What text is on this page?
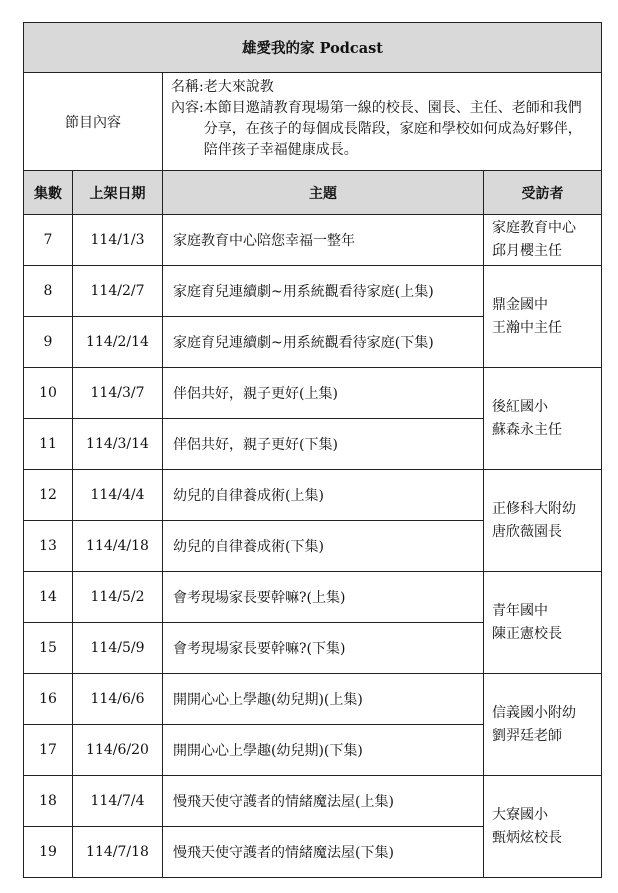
雄愛我的家 Podcast			
節目內容		名稱: 老大來說教
內容: 本節目邀請教育現場第一線的校長、園長、主任、老師和我們分享，在孩子的每個成長階段，家庭和學校如何成為好夥伴，陪伴孩子幸福健康成長。	

集數	上架日期	主題	受訪者
7	114/1/3	家庭教育中心陪您幸福一整年	家庭教育中心
邱月櫻主任

8	114/2/7	家庭育兒連續劇~用系統觀看待家庭(上集)	鼎金國中
王瀚中主任

9	114/2/14	家庭育兒連續劇~用系統觀看待家庭(下集)	
10	114/3/7	伴侶共好，親子更好(上集)	後紅國小
蘇森永主任

11	114/3/14	伴侶共好，親子更好(下集)	
12	114/4/4	幼兒的自律養成術(上集)	正修科大附幼
唐欣薇園長

13	114/4/18	幼兒的自律養成術(下集)	
14	114/5/2	會考現場家長要幹嘛?(上集)	青年國中
陳正憲校長

15	114/5/9	會考現場家長要幹嘛?(下集)	
16	114/6/6	開開心心上學趣(幼兒期)(上集)	信義國小附幼
劉羿廷老師

17	114/6/20	開開心心上學趣(幼兒期)(下集)	
18	114/7/4	慢飛天使守護者的情緒魔法屋(上集)	大寮國小
甄炳炫校長

19	114/7/18	慢飛天使守護者的情緒魔法屋(下集)	
